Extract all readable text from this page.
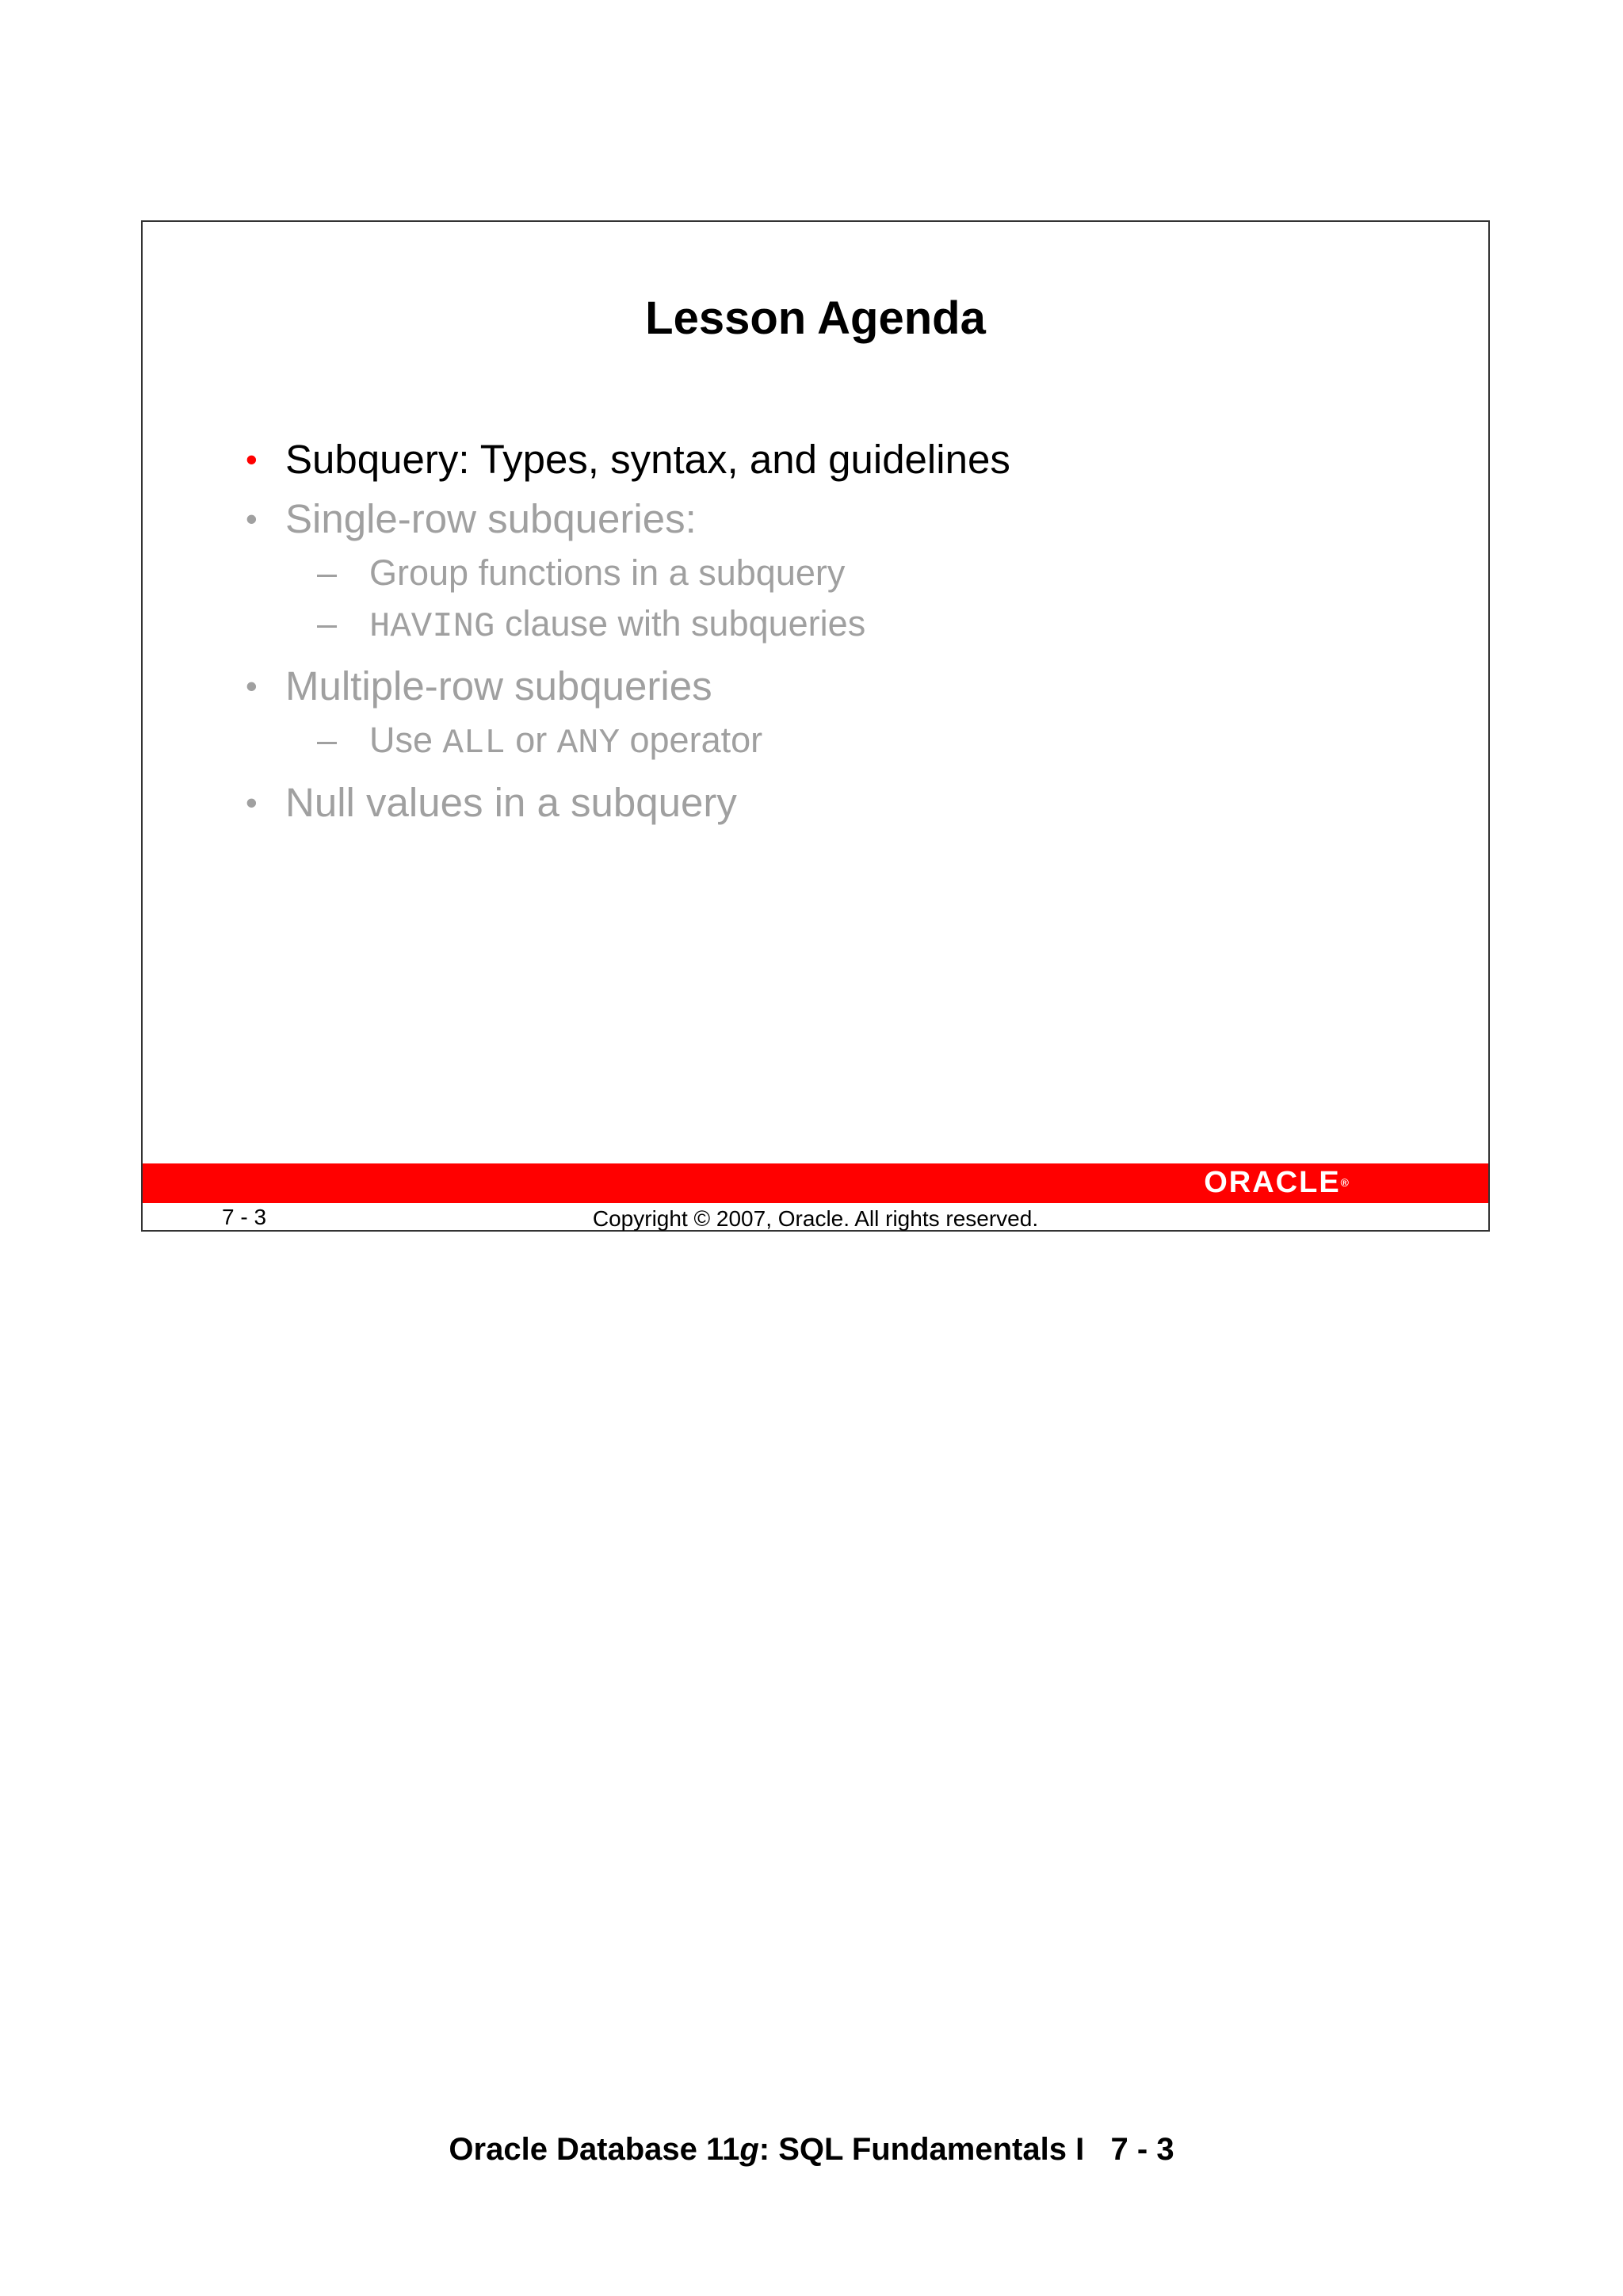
Lesson Agenda
• Subquery: Types, syntax, and guidelines
• Single-row subqueries:
– Group functions in a subquery
– HAVING clause with subqueries
• Multiple-row subqueries
– Use ALL or ANY operator
• Null values in a subquery
ORACLE®
7 - 3	Copyright © 2007, Oracle. All rights reserved.
Oracle Database 11g: SQL Fundamentals I   7 - 3
